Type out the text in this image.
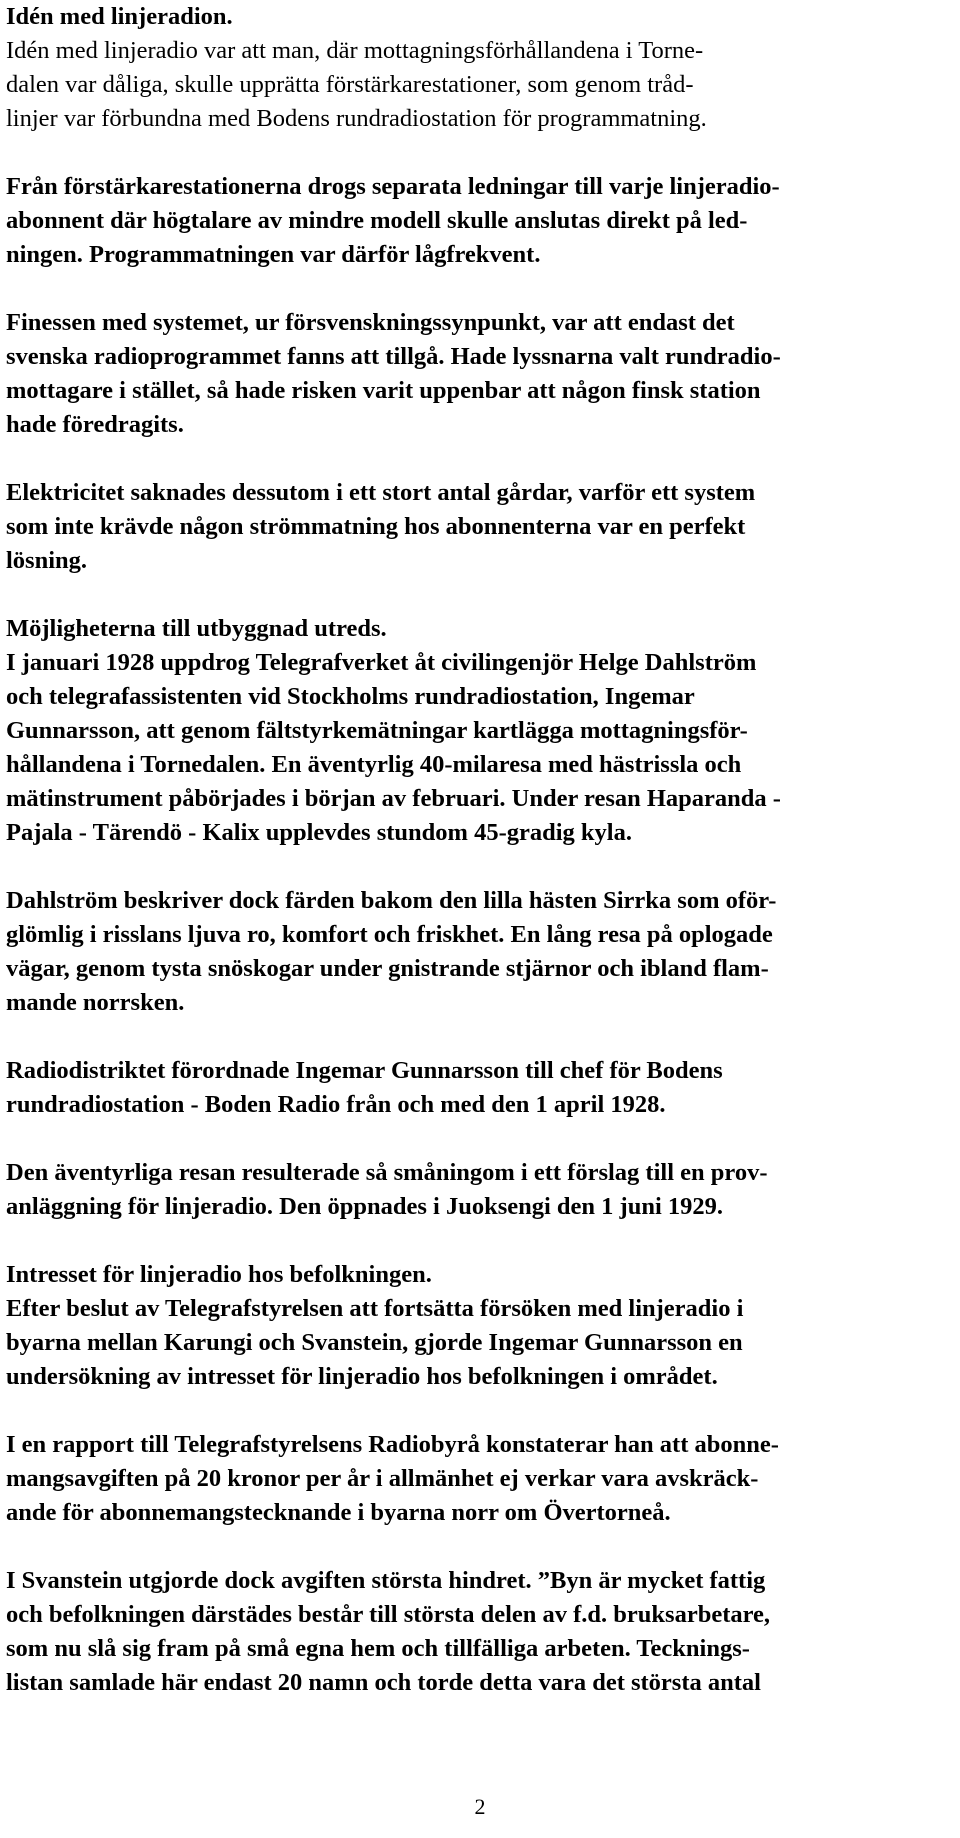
Idén med linjeradion.
Idén med linjeradio var att man, där mottagningsförhållandena i Torne-
dalen var dåliga, skulle upprätta förstärkarestationer, som genom tråd-
linjer var förbundna med Bodens rundradiostation för programmatning.
Från förstärkarestationerna drogs separata ledningar till varje linjeradio-
abonnent där högtalare av mindre modell skulle anslutas direkt på led-
ningen. Programmatningen var därför lågfrekvent.
Finessen med systemet, ur försvenskningssynpunkt, var att endast det
svenska radioprogrammet fanns att tillgå. Hade lyssnarna valt rundradio-
mottagare i stället, så hade risken varit uppenbar att någon finsk station
hade föredragits.
Elektricitet saknades dessutom i ett stort antal gårdar, varför ett system
som inte krävde någon strömmatning hos abonnenterna var en perfekt
lösning.
Möjligheterna till utbyggnad utreds.
I januari 1928 uppdrog Telegrafverket åt civilingenjör Helge Dahlström
och telegrafassistenten vid Stockholms rundradiostation, Ingemar
Gunnarsson, att genom fältstyrkemätningar kartlägga mottagningsför-
hållandena i Tornedalen. En äventyrlig 40-milaresa med hästrissla och
mätinstrument påbörjades i början av februari. Under resan Haparanda -
Pajala - Tärendö - Kalix upplevdes stundom 45-gradig kyla.
Dahlström beskriver dock färden bakom den lilla hästen Sirrka som oför-
glömlig i risslans ljuva ro, komfort och friskhet. En lång resa på oplogade
vägar, genom tysta snöskogar under gnistrande stjärnor och ibland flam-
mande norrsken.
Radiodistriktet förordnade Ingemar Gunnarsson till chef för Bodens
rundradiostation - Boden Radio från och med den 1 april 1928.
Den äventyrliga resan resulterade så småningom i ett förslag till en prov-
anläggning för linjeradio. Den öppnades i Juoksengi den 1 juni 1929.
Intresset för linjeradio hos befolkningen.
Efter beslut av Telegrafstyrelsen att fortsätta försöken med linjeradio i
byarna mellan Karungi och Svanstein, gjorde Ingemar Gunnarsson en
undersökning av intresset för linjeradio hos befolkningen i området.
I en rapport till Telegrafstyrelsens Radiobyrå konstaterar han att abonne-
mangsavgiften på 20 kronor per år i allmänhet ej verkar vara avskräck-
ande för abonnemangstecknande i byarna norr om Övertorneå.
I Svanstein utgjorde dock avgiften största hindret. ”Byn är mycket fattig
och befolkningen därstädes består till största delen av f.d. bruksarbetare,
som nu slå sig fram på små egna hem och tillfälliga arbeten. Tecknings-
listan samlade här endast 20 namn och torde detta vara det största antal
2
